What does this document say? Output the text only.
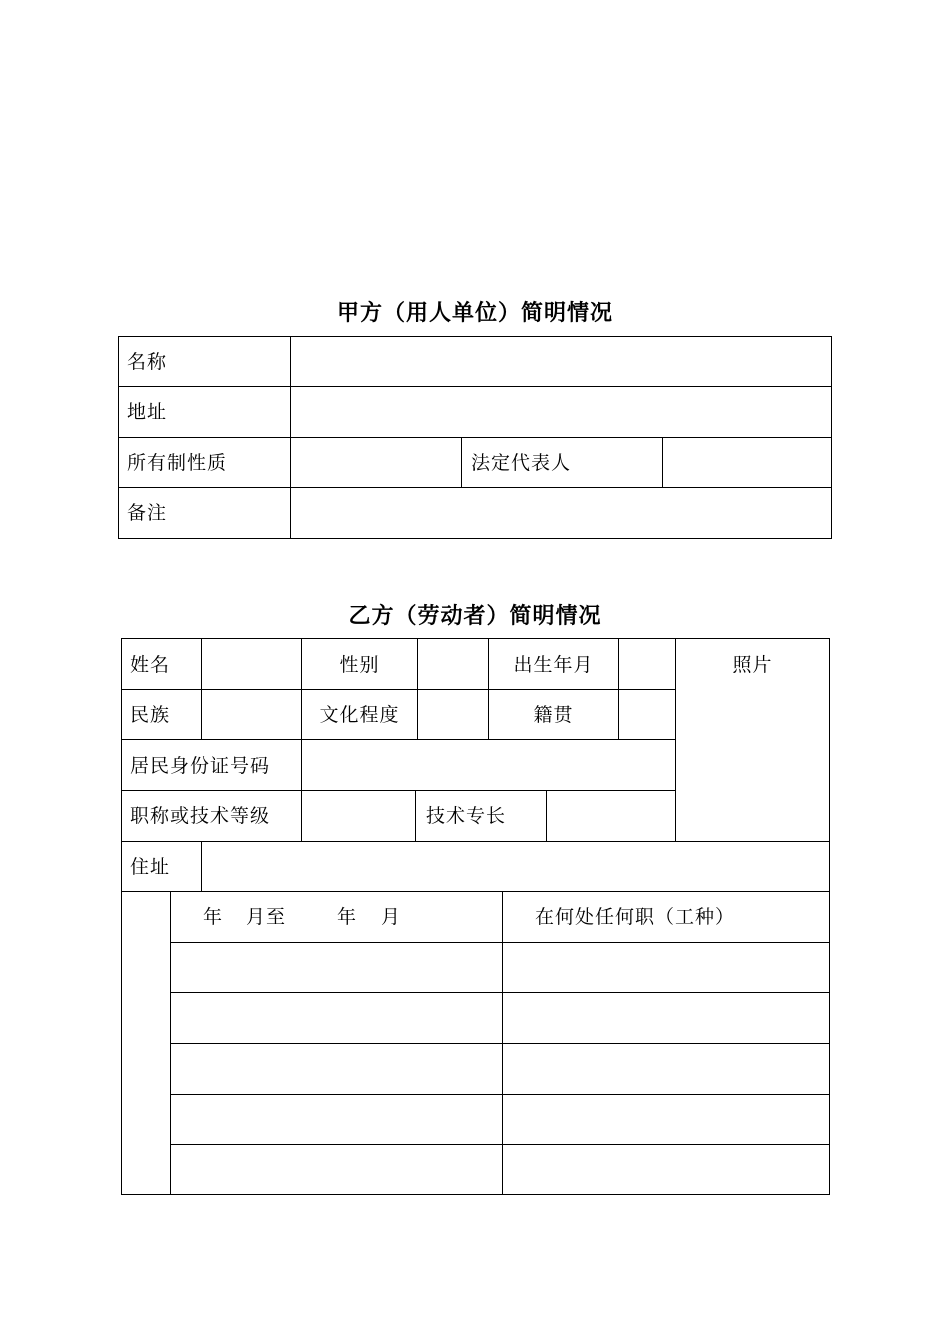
甲方（用人单位）简明情况
名称
地址
所有制性质	法定代表人
备注
乙方（劳动者）简明情况
姓名	性别	出生年月	照片
民族	文化程度	籍贯
居民身份证号码
职称或技术等级	技术专长
住址
年 月至	年 月	在何处任何职（工种）
